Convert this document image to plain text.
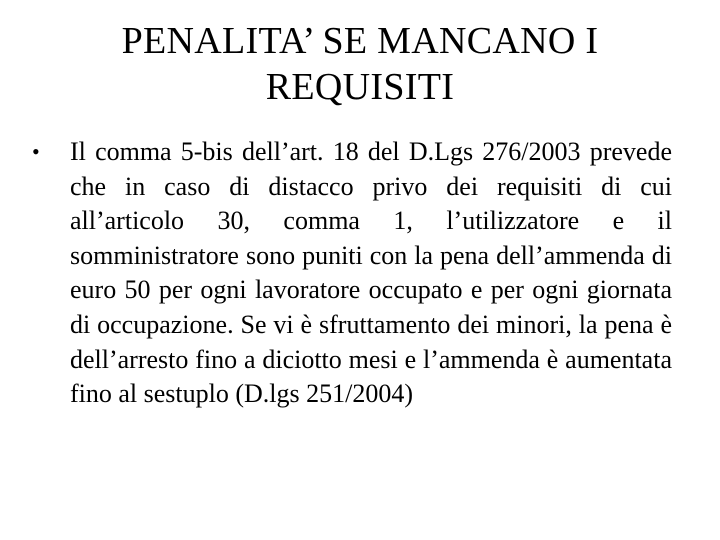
PENALITA’ SE MANCANO I
REQUISITI
•	Il comma 5-bis dell’art. 18 del D.Lgs 276/2003 prevede che in caso di distacco privo dei requisiti di cui all’articolo 30, comma 1, l’utilizzatore e il somministratore sono puniti con la pena dell’ammenda di euro 50 per ogni lavoratore occupato e per ogni giornata di occupazione. Se vi è sfruttamento dei minori, la pena è dell’arresto fino a diciotto mesi e l’ammenda è aumentata fino al sestuplo (D.lgs 251/2004)
